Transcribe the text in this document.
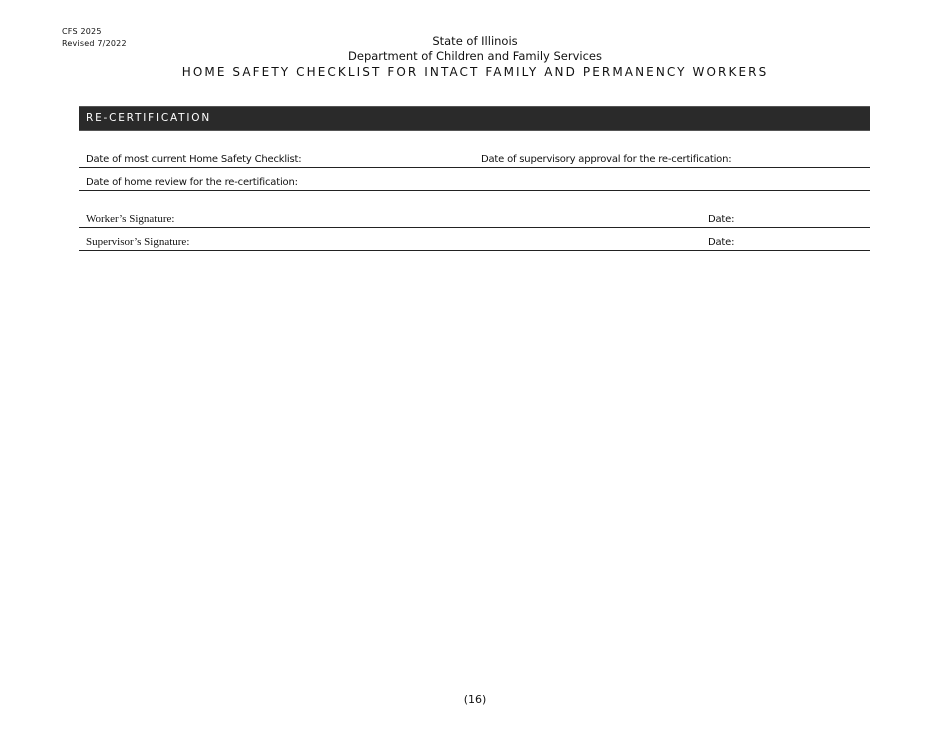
CFS 2025
Revised 7/2022	State of Illinois
Department of Children and Family Services
HOME SAFETY CHECKLIST FOR INTACT FAMILY AND PERMANENCY WORKERS
RE-CERTIFICATION
Date of most current Home Safety Checklist:	Date of supervisory approval for the re-certification:
Date of home review for the re-certification:
Worker’s Signature:	Date:
Supervisor’s Signature:	Date:
(16)
